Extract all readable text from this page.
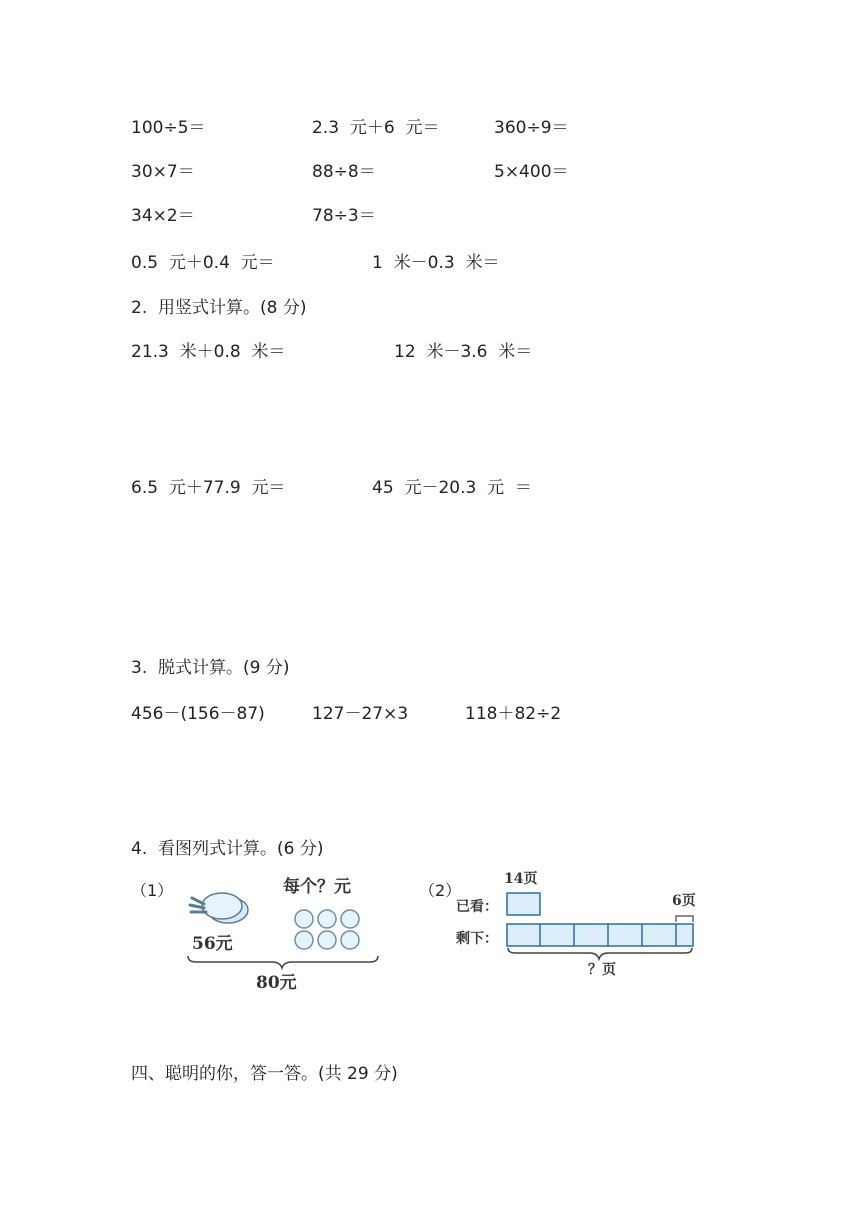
100÷5＝	2.3  元＋6  元＝	360÷9＝
30×7＝	88÷8＝	5×400＝
34×2＝	78÷3＝
0.5  元＋0.4  元＝	1  米－0.3  米＝
2.  用竖式计算。(8 分)
21.3  米＋0.8  米＝	12  米－3.6  米＝
6.5  元＋77.9  元＝	45  元－20.3  元  ＝
3.  脱式计算。(9 分)
456－(156－87)	127－27×3	118＋82÷2
4.  看图列式计算。(6 分)
（1）
56元
每个？元
80元
（2）
14页
已看：	6页
剩下：
？页
四、聪明的你，答一答。(共 29 分)
